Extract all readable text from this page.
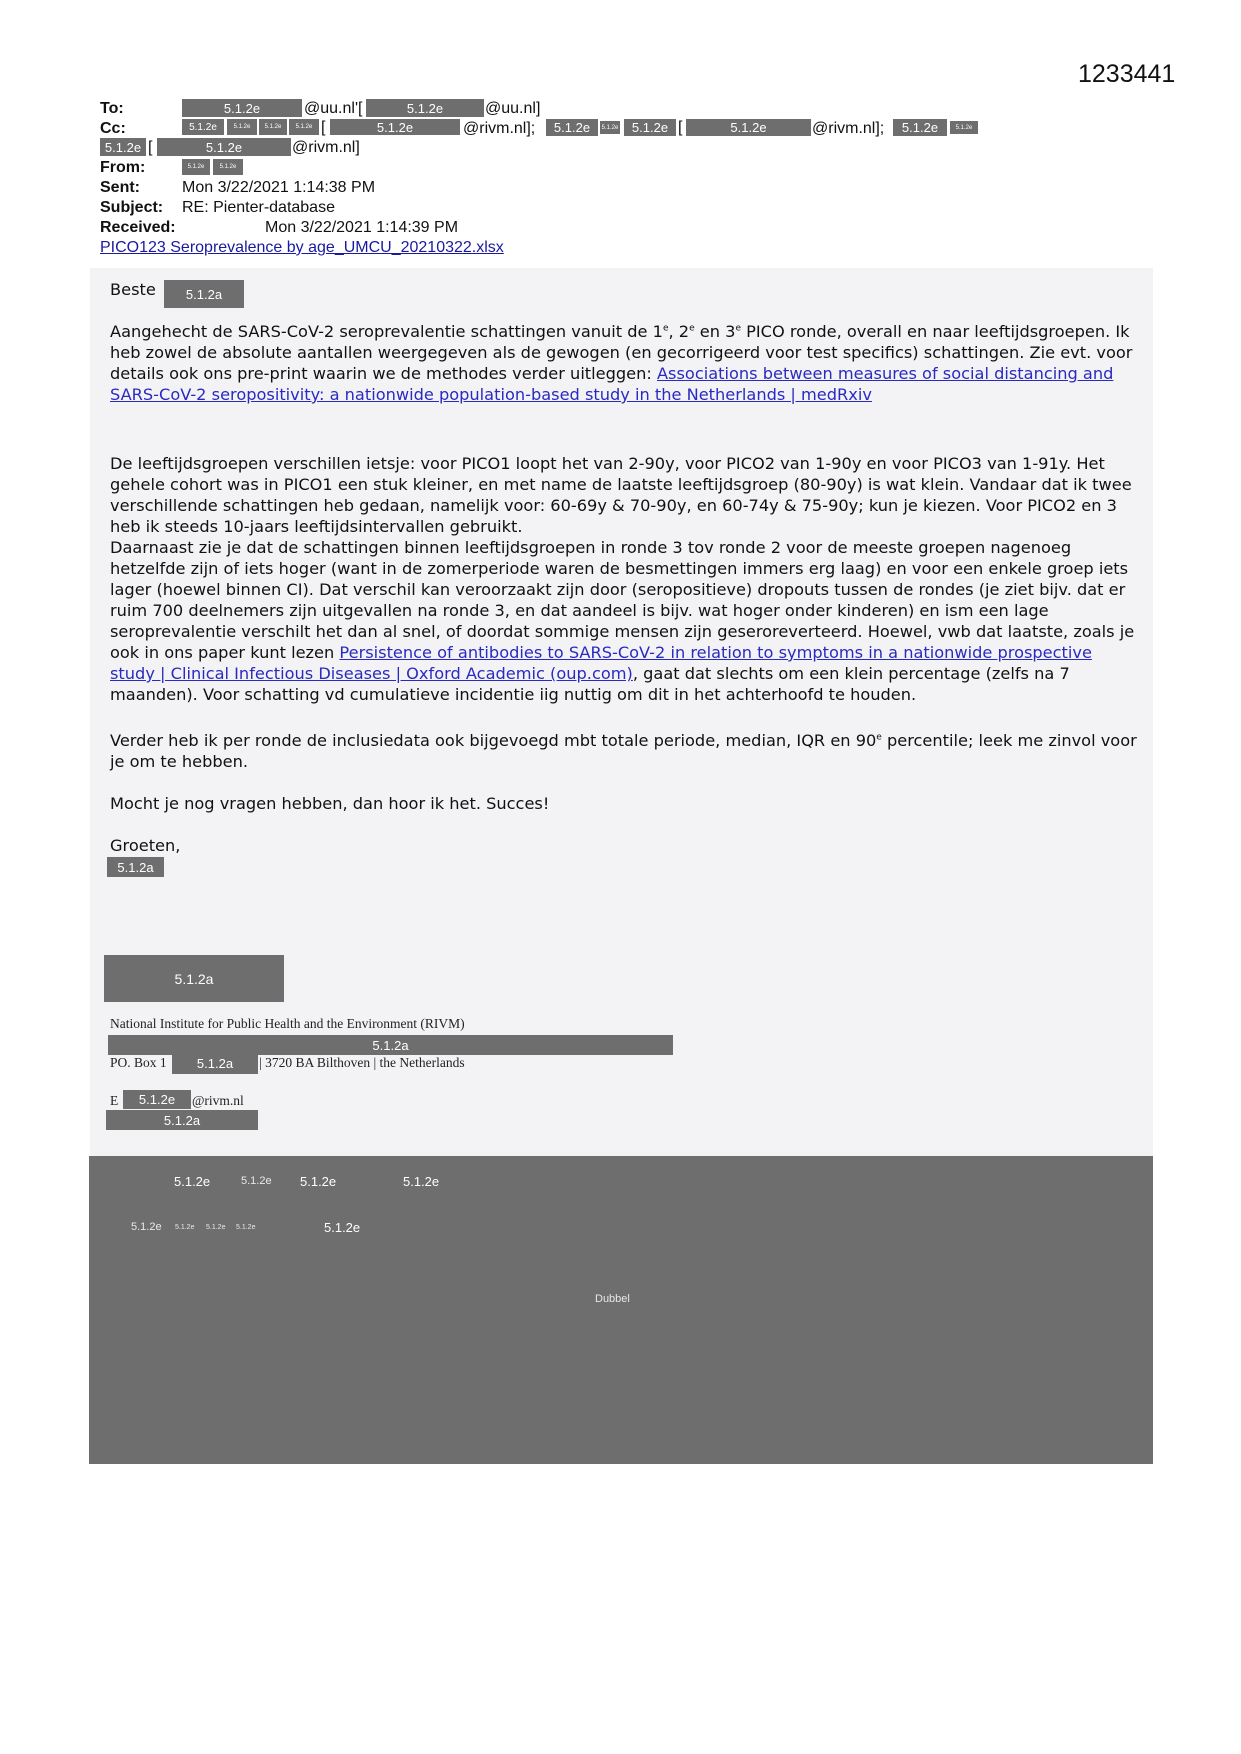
1233441
To:	5.1.2e	@uu.nl'[	5.1.2e	@uu.nl]
Cc:	5.1.2e	5.1.2e	5.1.2e	5.1.2e [	5.1.2e	@rivm.nl];	5.1.2e	5.1.2e	5.1.2e [	5.1.2e	@rivm.nl];	5.1.2e	5.1.2e
5.1.2e [	5.1.2e	@rivm.nl]
From:	5.1.2e	5.1.2e
Sent:	Mon 3/22/2021 1:14:38 PM
Subject: RE: Pienter-database
Received:	Mon 3/22/2021 1:14:39 PM
PICO123 Seroprevalence by age_UMCU_20210322.xlsx
Beste	5.1.2a
Aangehecht de SARS-CoV-2 seroprevalentie schattingen vanuit de 1e, 2e en 3e PICO ronde, overall en naar leeftijdsgroepen. Ik heb zowel de absolute aantallen weergegeven als de gewogen (en gecorrigeerd voor test specifics) schattingen. Zie evt. voor details ook ons pre-print waarin we de methodes verder uitleggen: Associations between measures of social distancing and SARS-CoV-2 seropositivity: a nationwide population-based study in the Netherlands | medRxiv
De leeftijdsgroepen verschillen ietsje: voor PICO1 loopt het van 2-90y, voor PICO2 van 1-90y en voor PICO3 van 1-91y. Het gehele cohort was in PICO1 een stuk kleiner, en met name de laatste leeftijdsgroep (80-90y) is wat klein. Vandaar dat ik twee verschillende schattingen heb gedaan, namelijk voor: 60-69y & 70-90y, en 60-74y & 75-90y; kun je kiezen. Voor PICO2 en 3 heb ik steeds 10-jaars leeftijdsintervallen gebruikt.
Daarnaast zie je dat de schattingen binnen leeftijdsgroepen in ronde 3 tov ronde 2 voor de meeste groepen nagenoeg hetzelfde zijn of iets hoger (want in de zomerperiode waren de besmettingen immers erg laag) en voor een enkele groep iets lager (hoewel binnen CI). Dat verschil kan veroorzaakt zijn door (seropositieve) dropouts tussen de rondes (je ziet bijv. dat er ruim 700 deelnemers zijn uitgevallen na ronde 3, en dat aandeel is bijv. wat hoger onder kinderen) en ism een lage seroprevalentie verschilt het dan al snel, of doordat sommige mensen zijn geseroreverteerd. Hoewel, vwb dat laatste, zoals je ook in ons paper kunt lezen Persistence of antibodies to SARS-CoV-2 in relation to symptoms in a nationwide prospective study | Clinical Infectious Diseases | Oxford Academic (oup.com), gaat dat slechts om een klein percentage (zelfs na 7 maanden). Voor schatting vd cumulatieve incidentie iig nuttig om dit in het achterhoofd te houden.
Verder heb ik per ronde de inclusiedata ook bijgevoegd mbt totale periode, median, IQR en 90e percentile; leek me zinvol voor je om te hebben.
Mocht je nog vragen hebben, dan hoor ik het. Succes!
Groeten,
5.1.2a
5.1.2a
National Institute for Public Health and the Environment (RIVM)
5.1.2a
PO. Box 1	5.1.2a	| 3720 BA Bilthoven | the Netherlands
E	5.1.2e	@rivm.nl
5.1.2a
5.1.2e	5.1.2e 5.1.2e	5.1.2e
5.1.2e 5.1.2e 5.1.2e 5.1.2e	5.1.2e
Dubbel
